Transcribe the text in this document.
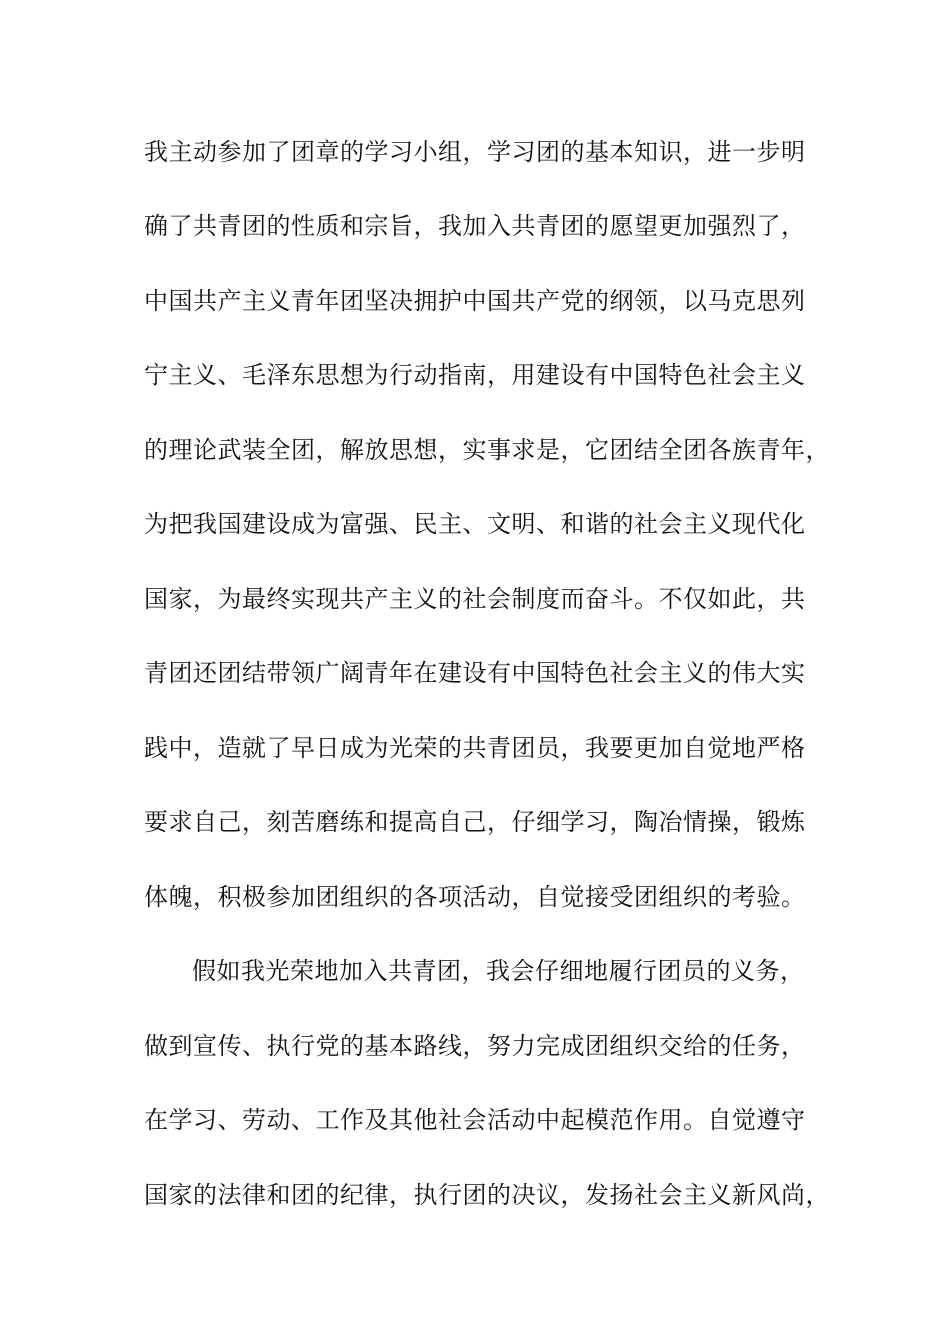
我主动参加了团章的学习小组，学习团的基本知识，进一步明
确了共青团的性质和宗旨，我加入共青团的愿望更加强烈了，
中国共产主义青年团坚决拥护中国共产党的纲领，以马克思列
宁主义、毛泽东思想为行动指南，用建设有中国特色社会主义
的理论武装全团，解放思想，实事求是，它团结全团各族青年，
为把我国建设成为富强、民主、文明、和谐的社会主义现代化
国家，为最终实现共产主义的社会制度而奋斗。不仅如此，共
青团还团结带领广阔青年在建设有中国特色社会主义的伟大实
践中，造就了早日成为光荣的共青团员，我要更加自觉地严格
要求自己，刻苦磨练和提高自己，仔细学习，陶冶情操，锻炼
体魄，积极参加团组织的各项活动，自觉接受团组织的考验。
假如我光荣地加入共青团，我会仔细地履行团员的义务，
做到宣传、执行党的基本路线，努力完成团组织交给的任务，
在学习、劳动、工作及其他社会活动中起模范作用。自觉遵守
国家的法律和团的纪律，执行团的决议，发扬社会主义新风尚，
